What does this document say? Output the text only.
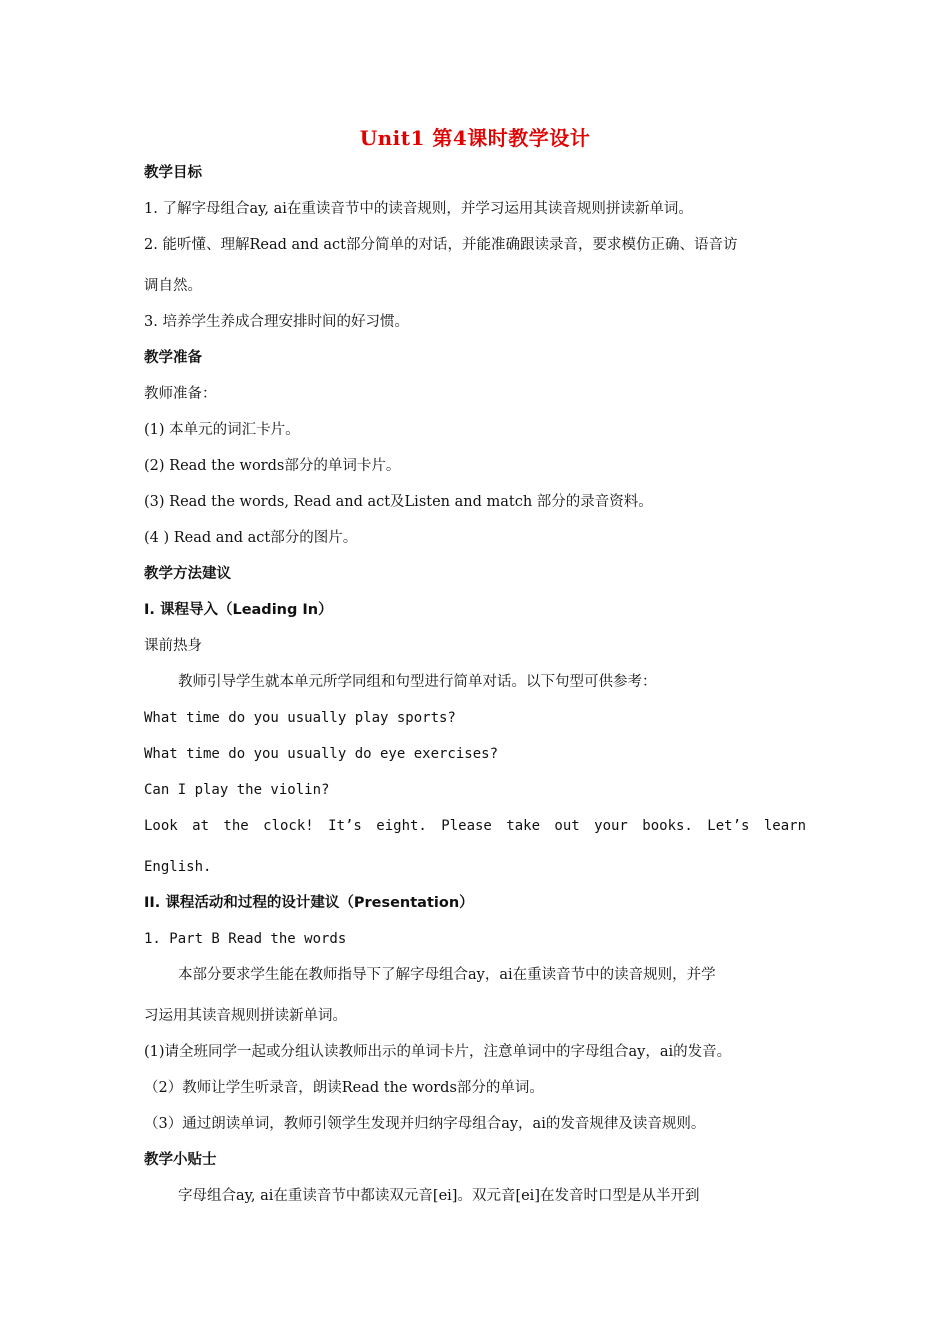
Unit1 第4课时教学设计
教学目标
1. 了解字母组合ay, ai在重读音节中的读音规则，并学习运用其读音规则拼读新单词。
2. 能听懂、理解Read and act部分简单的对话，并能准确跟读录音，要求模仿正确、语音访
调自然。
3. 培养学生养成合理安排时间的好习惯。
教学准备
教师准备：
(1) 本单元的词汇卡片。
(2) Read the words部分的单词卡片。
(3) Read the words, Read and act及Listen and match 部分的录音资料。
(4 ) Read and act部分的图片。
教学方法建议
I. 课程导入（Leading In）
课前热身
教师引导学生就本单元所学同组和句型进行简单对话。以下句型可供参考：
What time do you usually play sports?
What time do you usually do eye exercises?
Can I play the violin?
Look at the clock! It’s eight. Please take out your books. Let’s learn
English.
II. 课程活动和过程的设计建议（Presentation）
1. Part B Read the words
本部分要求学生能在教师指导下了解字母组合ay，ai在重读音节中的读音规则，并学
习运用其读音规则拼读新单词。
(1)请全班同学一起或分组认读教师出示的单词卡片，注意单词中的字母组合ay，ai的发音。
（2）教师让学生听录音，朗读Read the words部分的单词。
（3）通过朗读单词，教师引领学生发现并归纳字母组合ay，ai的发音规律及读音规则。
教学小贴士
字母组合ay, ai在重读音节中都读双元音[ei]。双元音[ei]在发音时口型是从半开到
